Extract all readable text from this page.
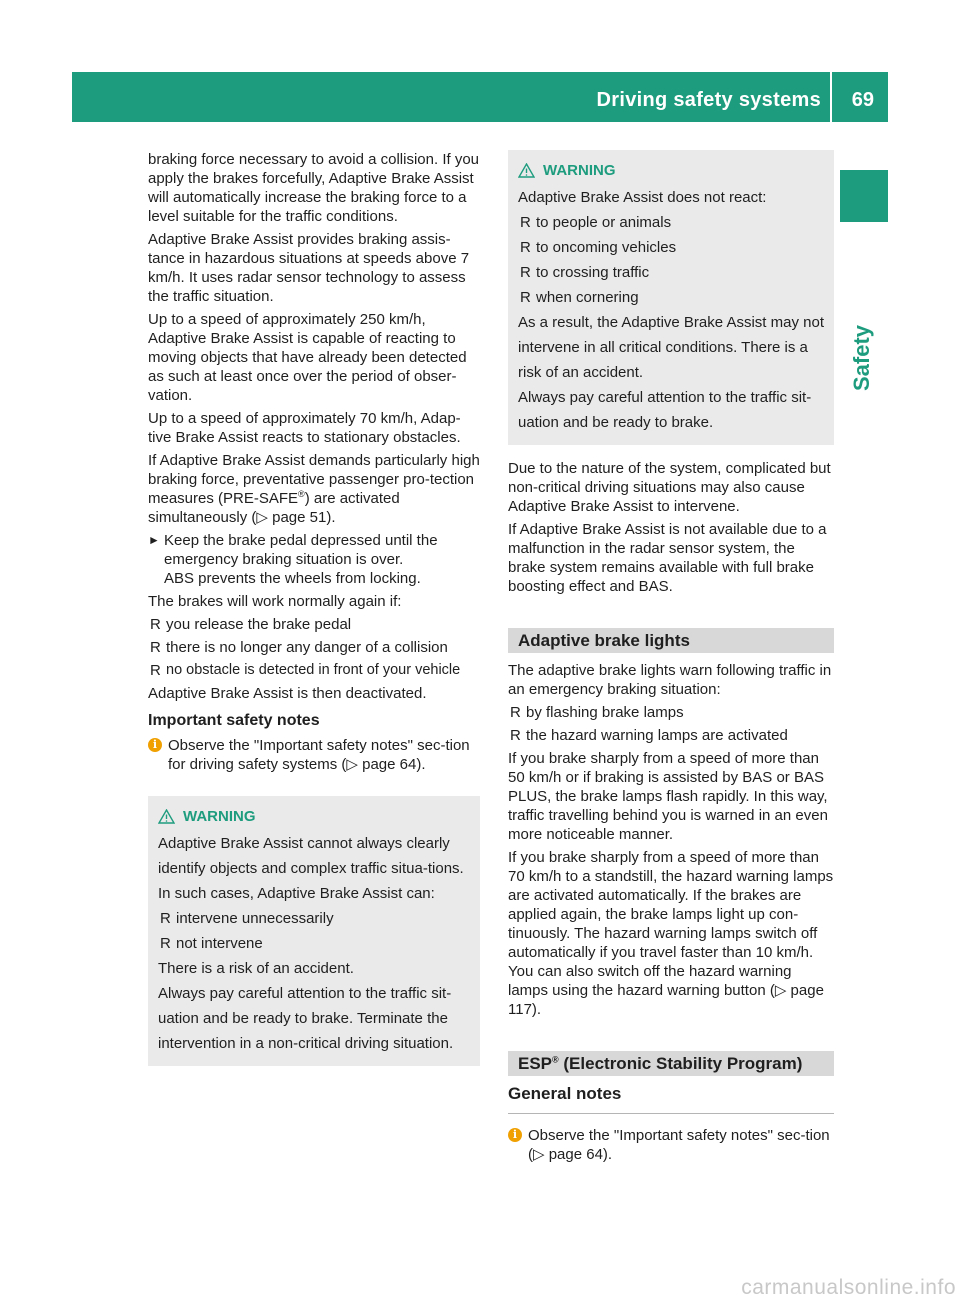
Driving safety systems 69
Safety

braking force necessary to avoid a collision. If you apply the brakes forcefully, Adaptive Brake Assist will automatically increase the braking force to a level suitable for the traffic conditions.

Adaptive Brake Assist provides braking assis-tance in hazardous situations at speeds above 7 km/h. It uses radar sensor technology to assess the traffic situation.

Up to a speed of approximately 250 km/h, Adaptive Brake Assist is capable of reacting to moving objects that have already been detected as such at least once over the period of obser-vation.

Up to a speed of approximately 70 km/h, Adap-tive Brake Assist reacts to stationary obstacles.

If Adaptive Brake Assist demands particularly high braking force, preventative passenger pro-tection measures (PRE-SAFE®) are activated simultaneously (▷ page 51).

► Keep the brake pedal depressed until the emergency braking situation is over.
ABS prevents the wheels from locking.

The brakes will work normally again if:

R you release the brake pedal
R there is no longer any danger of a collision
R no obstacle is detected in front of your vehicle

Adaptive Brake Assist is then deactivated.

Important safety notes
i Observe the "Important safety notes" sec-tion for driving safety systems (▷ page 64).
WARNING

Adaptive Brake Assist cannot always clearly identify objects and complex traffic situa-tions.

In such cases, Adaptive Brake Assist can:

R intervene unnecessarily
R not intervene

There is a risk of an accident.

Always pay careful attention to the traffic sit-uation and be ready to brake. Terminate the intervention in a non-critical driving situation.

WARNING

Adaptive Brake Assist does not react:

R to people or animals
R to oncoming vehicles
R to crossing traffic
R when cornering

As a result, the Adaptive Brake Assist may not intervene in all critical conditions. There is a risk of an accident.

Always pay careful attention to the traffic sit-uation and be ready to brake.

Due to the nature of the system, complicated but non-critical driving situations may also cause Adaptive Brake Assist to intervene.

If Adaptive Brake Assist is not available due to a malfunction in the radar sensor system, the brake system remains available with full brake boosting effect and BAS.

Adaptive brake lights

The adaptive brake lights warn following traffic in an emergency braking situation:

R by flashing brake lamps
R the hazard warning lamps are activated

If you brake sharply from a speed of more than 50 km/h or if braking is assisted by BAS or BAS PLUS, the brake lamps flash rapidly. In this way, traffic travelling behind you is warned in an even more noticeable manner.

If you brake sharply from a speed of more than 70 km/h to a standstill, the hazard warning lamps are activated automatically. If the brakes are applied again, the brake lamps light up con-tinuously. The hazard warning lamps switch off automatically if you travel faster than 10 km/h. You can also switch off the hazard warning lamps using the hazard warning button (▷ page 117).

ESP® (Electronic Stability Program)
General notes
i Observe the "Important safety notes" sec-tion (▷ page 64).
carmanualsonline.info
